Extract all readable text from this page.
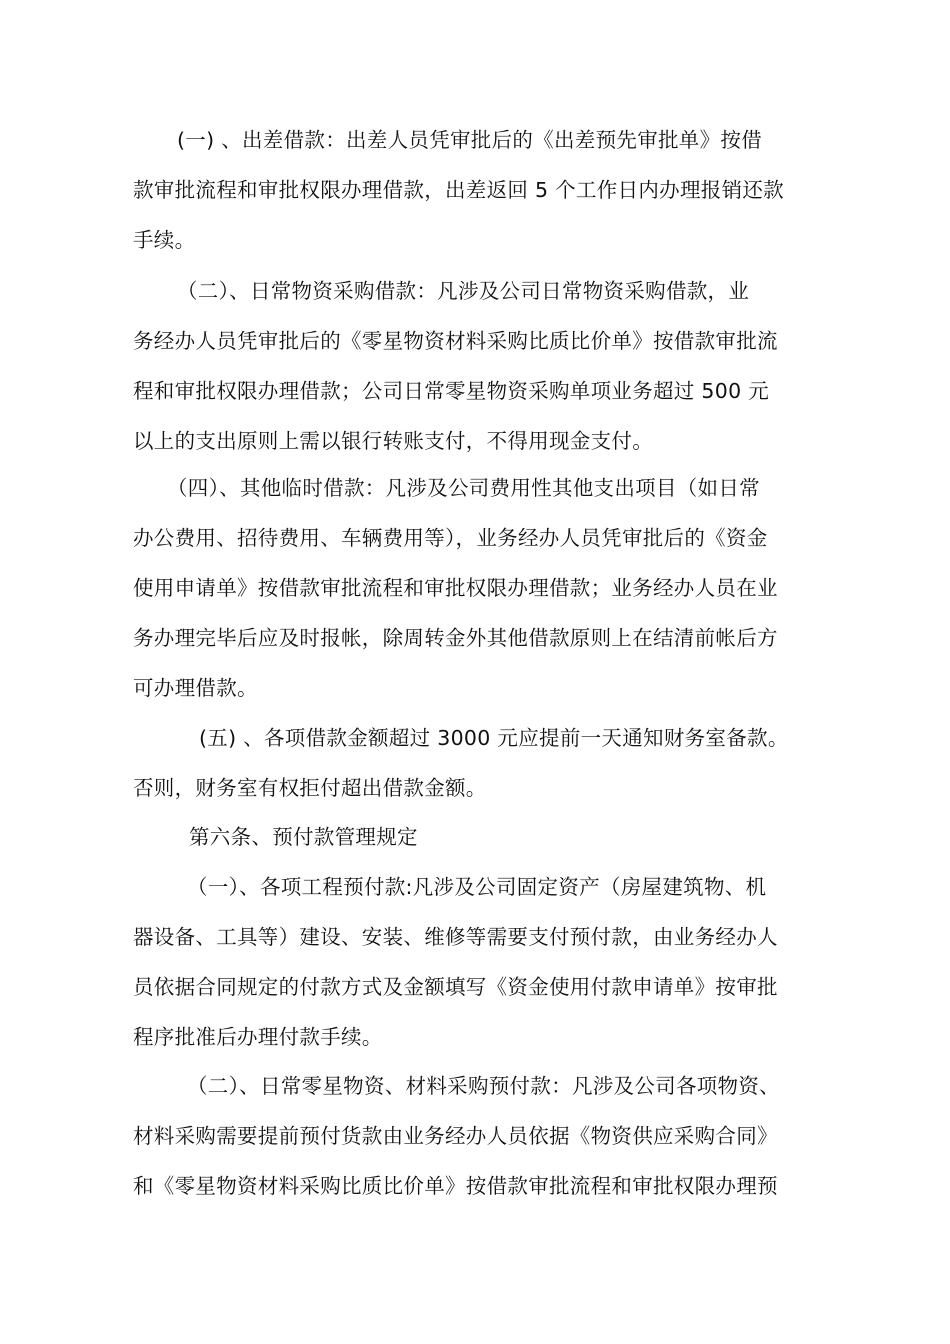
(一) 、出差借款：出差人员凭审批后的《出差预先审批单》按借
款审批流程和审批权限办理借款，出差返回 5 个工作日内办理报销还款
手续。
（二）、日常物资采购借款：凡涉及公司日常物资采购借款，业
务经办人员凭审批后的《零星物资材料采购比质比价单》按借款审批流
程和审批权限办理借款；公司日常零星物资采购单项业务超过 500 元
以上的支出原则上需以银行转账支付，不得用现金支付。
（四）、其他临时借款：凡涉及公司费用性其他支出项目（如日常
办公费用、招待费用、车辆费用等），业务经办人员凭审批后的《资金
使用申请单》按借款审批流程和审批权限办理借款；业务经办人员在业
务办理完毕后应及时报帐，除周转金外其他借款原则上在结清前帐后方
可办理借款。
(五) 、各项借款金额超过 3000 元应提前一天通知财务室备款。
否则，财务室有权拒付超出借款金额。
第六条、预付款管理规定
（一）、各项工程预付款:凡涉及公司固定资产（房屋建筑物、机
器设备、工具等）建设、安装、维修等需要支付预付款，由业务经办人
员依据合同规定的付款方式及金额填写《资金使用付款申请单》按审批
程序批准后办理付款手续。
（二）、日常零星物资、材料采购预付款：凡涉及公司各项物资、
材料采购需要提前预付货款由业务经办人员依据《物资供应采购合同》
和《零星物资材料采购比质比价单》按借款审批流程和审批权限办理预
